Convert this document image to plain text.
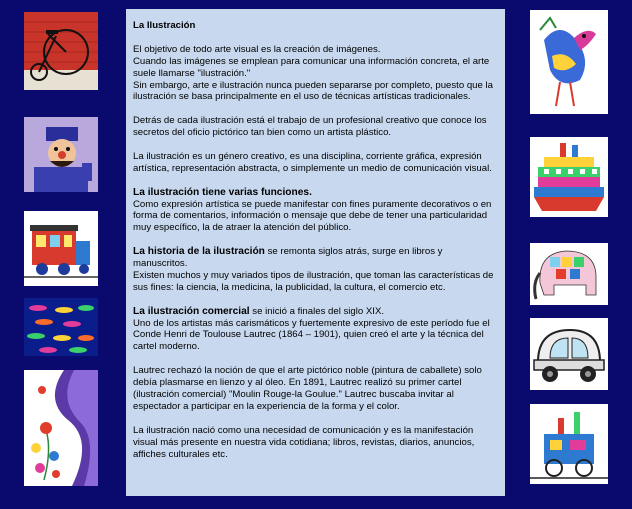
La Ilustración

El objetivo de todo arte visual es la creación de imágenes.
Cuando las imágenes se emplean para comunicar una información concreta, el arte suele llamarse "ilustración."
Sin embargo, arte e ilustración nunca pueden separarse por completo, puesto que la ilustración se basa principalmente en el uso de técnicas artísticas tradicionales.

Detrás de cada ilustración está el trabajo de un profesional creativo que conoce los secretos del oficio pictórico tan bien como un artista plástico.

La ilustración es un género creativo, es una disciplina, corriente gráfica, expresión artística, representación abstracta, o simplemente un medio de comunicación visual.

La ilustración tiene varias funciones.
Como expresión artística se puede manifestar con fines puramente decorativos o en forma de comentarios, información o mensaje que debe de tener una particularidad muy específico, la de atraer la atención del público.

La historia de la ilustración se remonta siglos atrás, surge en libros y manuscritos.
Existen muchos y muy variados tipos de ilustración, que toman las características de sus fines: la ciencia, la medicina, la publicidad, la cultura, el comercio etc.

La ilustración comercial se inició a finales del siglo XIX.
Uno de los artistas más carismáticos y fuertemente expresivo de este período fue el Conde Henri de Toulouse Lautrec (1864 – 1901), quien creó el arte y la técnica del cartel moderno.

Lautrec rechazó la noción de que el arte pictórico noble (pintura de caballete) solo debía plasmarse en lienzo y al óleo. En 1891, Lautrec realizó su primer cartel (ilustración comercial) "Moulin Rouge-la Goulue." Lautrec buscaba invitar al espectador a participar en la experiencia de la forma y el color.

La ilustración nació como una necesidad de comunicación y es la manifestación visual más presente en nuestra vida cotidiana; libros, revistas, diarios, anuncios, affiches culturales etc.
